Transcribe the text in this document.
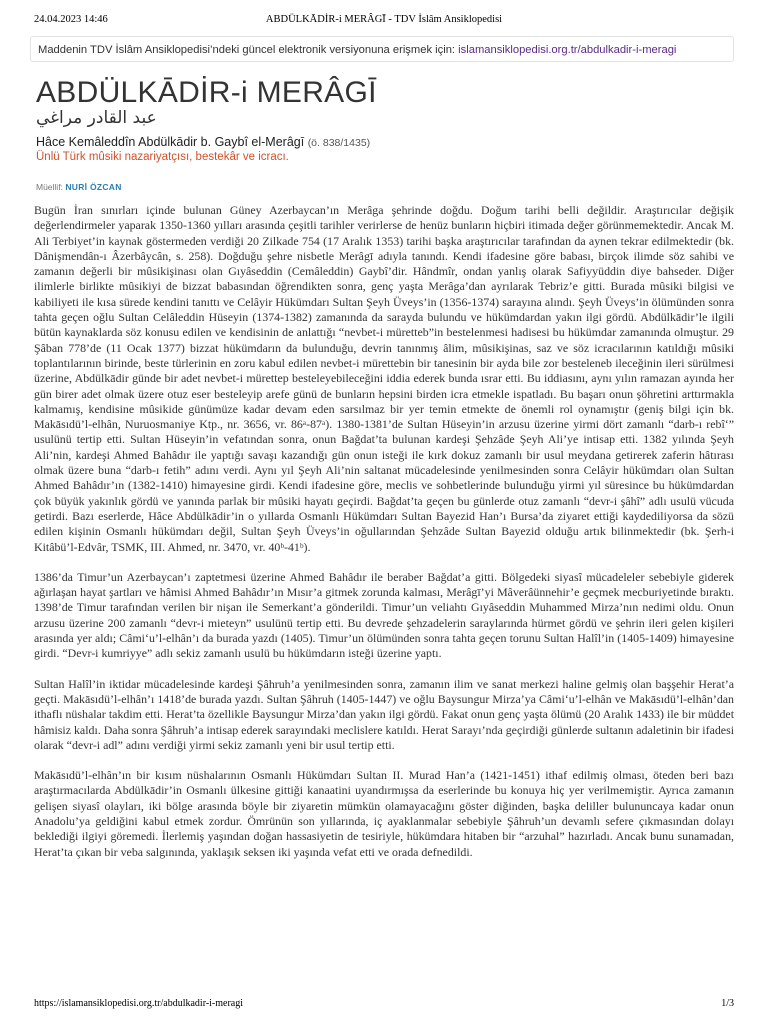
24.04.2023 14:46	ABDÜLKĀDİR-i MERÂGĪ - TDV İslâm Ansiklopedisi
Maddenin TDV İslâm Ansiklopedisi’ndeki güncel elektronik versiyonuna erişmek için: islamansiklopedisi.org.tr/abdulkadir-i-meragi
ABDÜLKĀDİR-i MERÂGĪ
عبد القادر مراغي
Hâce Kemâleddîn Abdülkādir b. Gaybî el-Merâgī (ö. 838/1435)
Ünlü Türk mûsiki nazariyatçısı, bestekâr ve icracı.
Müellif: NURİ ÖZCAN

Bugün İran sınırları içinde bulunan Güney Azerbaycan’ın Merâga şehrinde doğdu. Doğum tarihi belli değildir. Araştırıcılar değişik değerlendirmeler yaparak 1350-1360 yılları arasında çeşitli tarihler verirlerse de henüz bunların hiçbiri itimada değer görünmemektedir. Ancak M. Ali Terbiyet’in kaynak göstermeden verdiği 20 Zilkade 754 (17 Aralık 1353) tarihi başka araştırıcılar tarafından da aynen tekrar edilmektedir (bk. Dânişmendân-ı Âzerbâycân, s. 258). Doğduğu şehre nisbetle Merâgī adıyla tanındı. Kendi ifadesine göre babası, birçok ilimde söz sahibi ve zamanın değerli bir mûsikişinası olan Gıyâseddin (Cemâleddin) Gaybî’dir. Hândmîr, ondan yanlış olarak Safiyyüddin diye bahseder. Diğer ilimlerle birlikte mûsikiyi de bizzat babasından öğrendikten sonra, genç yaşta Merâga’dan ayrılarak Tebriz’e gitti. Burada mûsiki bilgisi ve kabiliyeti ile kısa sürede kendini tanıttı ve Celâyir Hükümdarı Sultan Şeyh Üveys’in (1356-1374) sarayına alındı. Şeyh Üveys’in ölümünden sonra tahta geçen oğlu Sultan Celâleddin Hüseyin (1374-1382) zamanında da sarayda bulundu ve hükümdardan yakın ilgi gördü. Abdülkādir’le ilgili bütün kaynaklarda söz konusu edilen ve kendisinin de anlattığı “nevbet-i müretteb”in bestelenmesi hadisesi bu hükümdar zamanında olmuştur. 29 Şâban 778’de (11 Ocak 1377) bizzat hükümdarın da bulunduğu, devrin tanınmış âlim, mûsikişinas, saz ve söz icracılarının katıldığı mûsiki toplantılarının birinde, beste türlerinin en zoru kabul edilen nevbet-i mürettebin bir tanesinin bir ayda bile zor besteleneb ileceğinin ileri sürülmesi üzerine, Abdülkādir günde bir adet nevbet-i mürettep besteleyebileceğini iddia ederek bunda ısrar etti. Bu iddiasını, aynı yılın ramazan ayında her gün birer adet olmak üzere otuz eser besteleyip arefe günü de bunların hepsini birden icra etmekle ispatladı. Bu başarı onun şöhretini arttırmakla kalmamış, kendisine mûsikide günümüze kadar devam eden sarsılmaz bir yer temin etmekte de önemli rol oynamıştır (geniş bilgi için bk. Makāsıdü’l-elhân, Nuruosmaniye Ktp., nr. 3656, vr. 86ᵃ-87ᵃ). 1380-1381’de Sultan Hüseyin’in arzusu üzerine yirmi dört zamanlı “darb-ı rebî‘” usulünü tertip etti. Sultan Hüseyin’in vefatından sonra, onun Bağdat’ta bulunan kardeşi Şehzâde Şeyh Ali’ye intisap etti. 1382 yılında Şeyh Ali’nin, kardeşi Ahmed Bahâdır ile yaptığı savaşı kazandığı gün onun isteği ile kırk dokuz zamanlı bir usul meydana getirerek zaferin hâtırası olmak üzere buna “darb-ı fetih” adını verdi. Aynı yıl Şeyh Ali’nin saltanat mücadelesinde yenilmesinden sonra Celâyir hükümdarı olan Sultan Ahmed Bahâdır’ın (1382-1410) himayesine girdi. Kendi ifadesine göre, meclis ve sohbetlerinde bulunduğu yirmi yıl süresince bu hükümdardan çok büyük yakınlık gördü ve yanında parlak bir mûsiki hayatı geçirdi. Bağdat’ta geçen bu günlerde otuz zamanlı “devr-i şâhî” adlı usulü vücuda getirdi. Bazı eserlerde, Hâce Abdülkādir’in o yıllarda Osmanlı Hükümdarı Sultan Bayezid Han’ı Bursa’da ziyaret ettiği kaydediliyorsa da sözü edilen kişinin Osmanlı hükümdarı değil, Sultan Şeyh Üveys’in oğullarından Şehzâde Sultan Bayezid olduğu artık bilinmektedir (bk. Şerh-i Kitâbü’l-Edvâr, TSMK, III. Ahmed, nr. 3470, vr. 40ᵇ-41ᵇ).

1386’da Timur’un Azerbaycan’ı zaptetmesi üzerine Ahmed Bahâdır ile beraber Bağdat’a gitti. Bölgedeki siyasî mücadeleler sebebiyle giderek ağırlaşan hayat şartları ve hâmisi Ahmed Bahâdır’ın Mısır’a gitmek zorunda kalması, Merâgī’yi Mâverâünnehir’e geçmek mecburiyetinde bıraktı. 1398’de Timur tarafından verilen bir nişan ile Semerkant’a gönderildi. Timur’un veliahtı Gıyâseddin Muhammed Mirza’nın nedimi oldu. Onun arzusu üzerine 200 zamanlı “devr-i mieteyn” usulünü tertip etti. Bu devrede şehzadelerin saraylarında hürmet gördü ve şehrin ileri gelen kişileri arasında yer aldı; Câmi‘u’l-elhân’ı da burada yazdı (1405). Timur’un ölümünden sonra tahta geçen torunu Sultan Halîl’in (1405-1409) himayesine girdi. “Devr-i kumriyye” adlı sekiz zamanlı usulü bu hükümdarın isteği üzerine yaptı.

Sultan Halîl’in iktidar mücadelesinde kardeşi Şâhruh’a yenilmesinden sonra, zamanın ilim ve sanat merkezi haline gelmiş olan başşehir Herat’a geçti. Makāsıdü’l-elhân’ı 1418’de burada yazdı. Sultan Şâhruh (1405-1447) ve oğlu Baysungur Mirza’ya Câmi‘u’l-elhân ve Makāsıdü’l-elhân’dan ithaflı nüshalar takdim etti. Herat’ta özellikle Baysungur Mirza’dan yakın ilgi gördü. Fakat onun genç yaşta ölümü (20 Aralık 1433) ile bir müddet hâmisiz kaldı. Daha sonra Şâhruh’a intisap ederek sarayındaki meclislere katıldı. Herat Sarayı’nda geçirdiği günlerde sultanın adaletinin bir ifadesi olarak “devr-i adl” adını verdiği yirmi sekiz zamanlı yeni bir usul tertip etti.

Makāsıdü’l-elhân’ın bir kısım nüshalarının Osmanlı Hükümdarı Sultan II. Murad Han’a (1421-1451) ithaf edilmiş olması, öteden beri bazı araştırmacılarda Abdülkādir’in Osmanlı ülkesine gittiği kanaatini uyandırmışsa da eserlerinde bu konuya hiç yer verilmemiştir. Ayrıca zamanın gelişen siyasî olayları, iki bölge arasında böyle bir ziyaretin mümkün olamayacağını göster diğinden, başka deliller bulununcaya kadar onun Anadolu’ya geldiğini kabul etmek zordur. Ömrünün son yıllarında, iç ayaklanmalar sebebiyle Şâhruh’un devamlı sefere çıkmasından dolayı beklediği ilgiyi göremedi. İlerlemiş yaşından doğan hassasiyetin de tesiriyle, hükümdara hitaben bir “arzuhal” hazırladı. Ancak bunu sunamadan, Herat’ta çıkan bir veba salgınında, yaklaşık seksen iki yaşında vefat etti ve orada defnedildi.

https://islamansiklopedisi.org.tr/abdulkadir-i-meragi	1/3
